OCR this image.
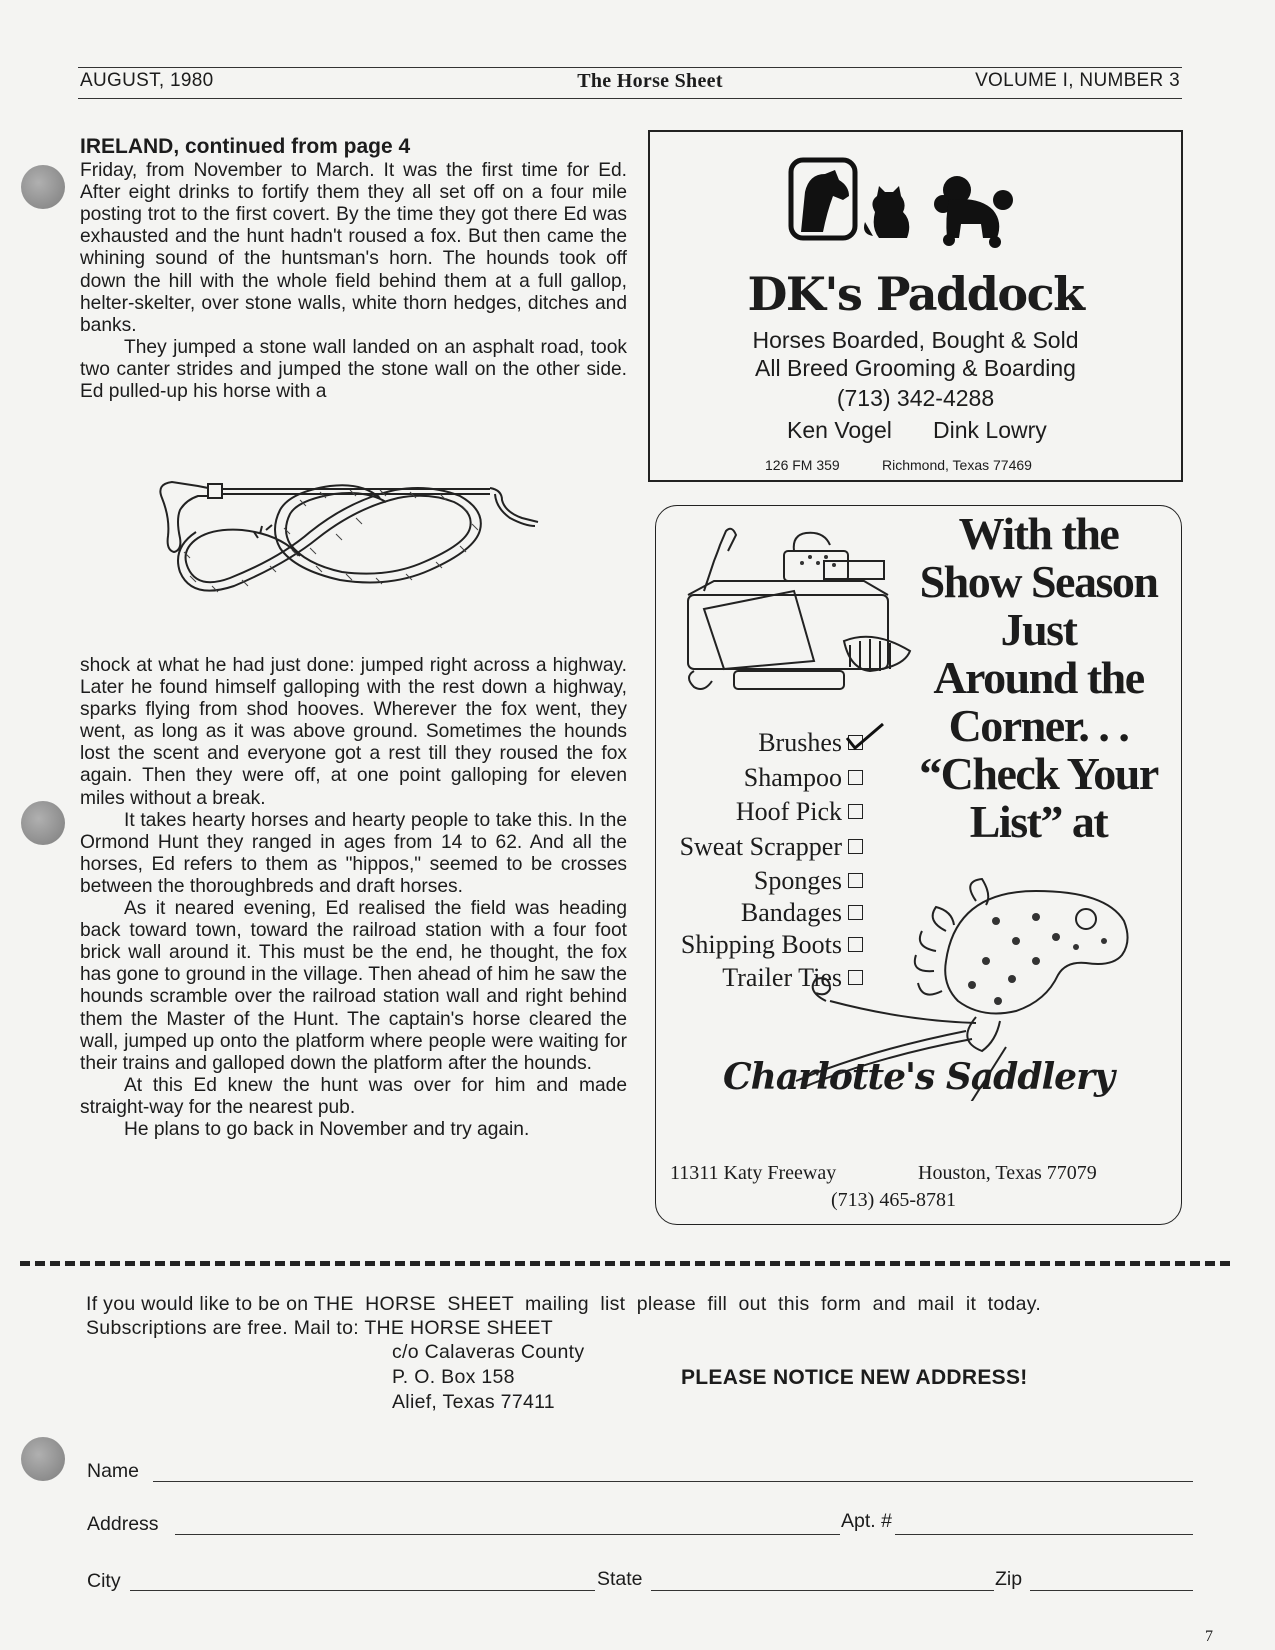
AUGUST, 1980	The Horse Sheet	VOLUME I, NUMBER 3
IRELAND, continued from page 4

Friday, from November to March. It was the first time for Ed. After eight drinks to fortify them they all set off on a four mile posting trot to the first covert. By the time they got there Ed was exhausted and the hunt hadn't roused a fox. But then came the whining sound of the huntsman's horn. The hounds took off down the hill with the whole field behind them at a full gallop, helter-skelter, over stone walls, white thorn hedges, ditches and banks.

They jumped a stone wall landed on an asphalt road, took two canter strides and jumped the stone wall on the other side. Ed pulled-up his horse with a

shock at what he had just done: jumped right across a highway. Later he found himself galloping with the rest down a highway, sparks flying from shod hooves. Wherever the fox went, they went, as long as it was above ground. Sometimes the hounds lost the scent and everyone got a rest till they roused the fox again. Then they were off, at one point galloping for eleven miles without a break.

It takes hearty horses and hearty people to take this. In the Ormond Hunt they ranged in ages from 14 to 62. And all the horses, Ed refers to them as "hippos," seemed to be crosses between the thoroughbreds and draft horses.

As it neared evening, Ed realised the field was heading back toward town, toward the railroad station with a four foot brick wall around it. This must be the end, he thought, the fox has gone to ground in the village. Then ahead of him he saw the hounds scramble over the railroad station wall and right behind them the Master of the Hunt. The captain's horse cleared the wall, jumped up onto the platform where people were waiting for their trains and galloped down the platform after the hounds.

At this Ed knew the hunt was over for him and made straight-way for the nearest pub.

He plans to go back in November and try again.

DK's Paddock
Horses Boarded, Bought & Sold
All Breed Grooming & Boarding
(713) 342-4288
Ken Vogel Dink Lowry
126 FM 359	Richmond, Texas 77469
With the
Show Season
Just
Around the
Corner. . .
“Check Your
List” at
Brushes
Shampoo
Hoof Pick
Sweat Scrapper
Sponges
Bandages
Shipping Boots
Trailer Ties
Charlotte's Saddlery
11311 Katy Freeway	Houston, Texas 77079
(713) 465-8781
If you would like to be on THE  HORSE  SHEET  mailing  list  please  fill  out  this  form  and  mail  it  today.
Subscriptions are free. Mail to: THE HORSE SHEET
c/o Calaveras County
P. O. Box 158
Alief, Texas 77411
PLEASE NOTICE NEW ADDRESS!
Name
Address	Apt. #
City	State	Zip
7
